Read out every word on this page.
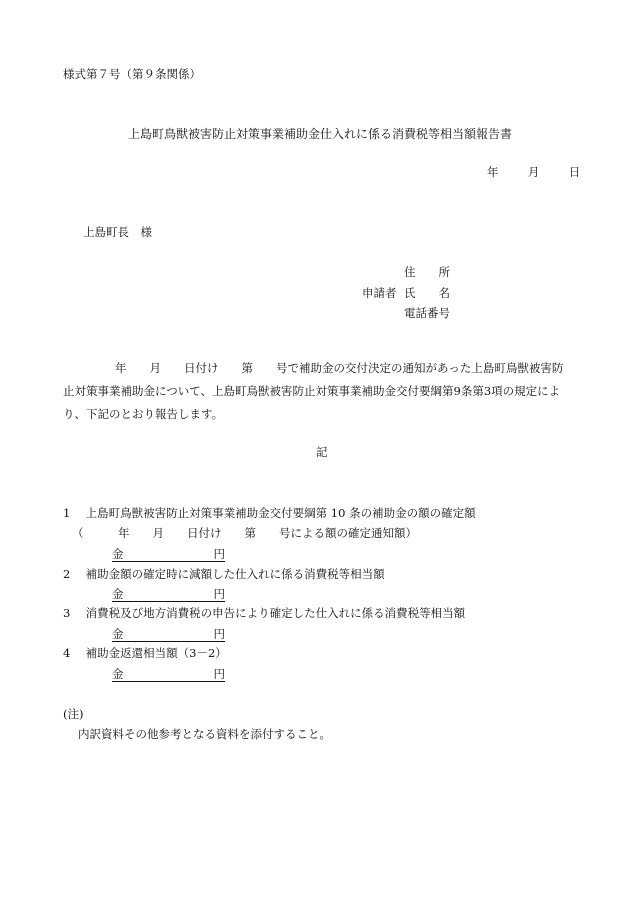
様式第７号（第９条関係）
上島町鳥獣被害防止対策事業補助金仕入れに係る消費税等相当額報告書
年	月	日
上島町長　様
住　　所
申請者 氏　　名
電話番号
年　　月　　日付け　　第　　号で補助金の交付決定の通知があった上島町鳥獣被害防
止対策事業補助金について、上島町鳥獣被害防止対策事業補助金交付要綱第9条第3項の規定によ
り、下記のとおり報告します。
記
1 上島町鳥獣被害防止対策事業補助金交付要綱第 10 条の補助金の額の確定額
（　　　年　　月　　日付け　　第　　号による額の確定通知額）
金	円
2 補助金額の確定時に減額した仕入れに係る消費税等相当額
金	円
3 消費税及び地方消費税の申告により確定した仕入れに係る消費税等相当額
金	円
4 補助金返還相当額（3－2）
金	円
(注)
内訳資料その他参考となる資料を添付すること。
